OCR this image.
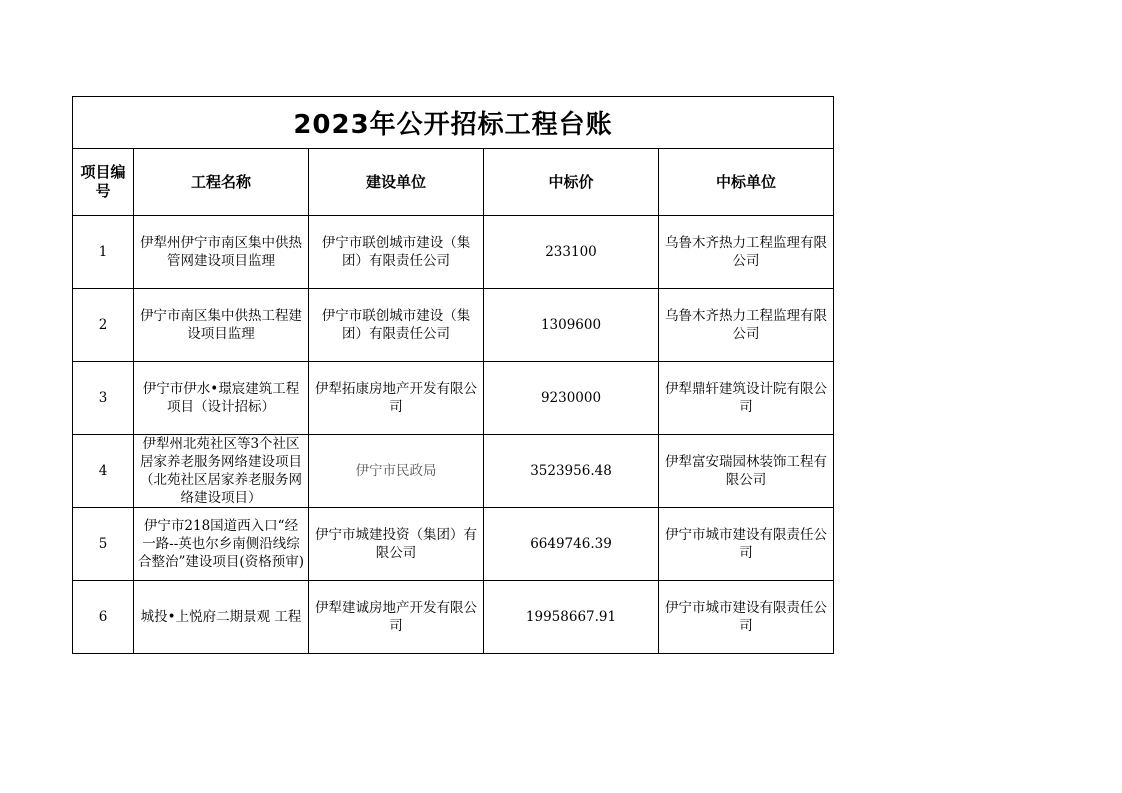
2023年公开招标工程台账				
项目编号	工程名称	建设单位	中标价	中标单位
1	伊犁州伊宁市南区集中供热管网建设项目监理	伊宁市联创城市建设（集团）有限责任公司	233100	乌鲁木齐热力工程监理有限公司
2	伊宁市南区集中供热工程建设项目监理	伊宁市联创城市建设（集团）有限责任公司	1309600	乌鲁木齐热力工程监理有限公司
3	伊宁市伊水•璟宸建筑工程项目（设计招标）	伊犁拓康房地产开发有限公司	9230000	伊犁鼎轩建筑设计院有限公司
4	伊犁州北苑社区等3个社区居家养老服务网络建设项目（北苑社区居家养老服务网络建设项目）	伊宁市民政局	3523956.48	伊犁富安瑞园林装饰工程有限公司
5	伊宁市218国道西入口“经一路--英也尔乡南侧沿线综合整治”建设项目(资格预审)	伊宁市城建投资（集团）有限公司	6649746.39	伊宁市城市建设有限责任公司
6	城投•上悦府二期景观 工程	伊犁建诚房地产开发有限公司	19958667.91	伊宁市城市建设有限责任公司
